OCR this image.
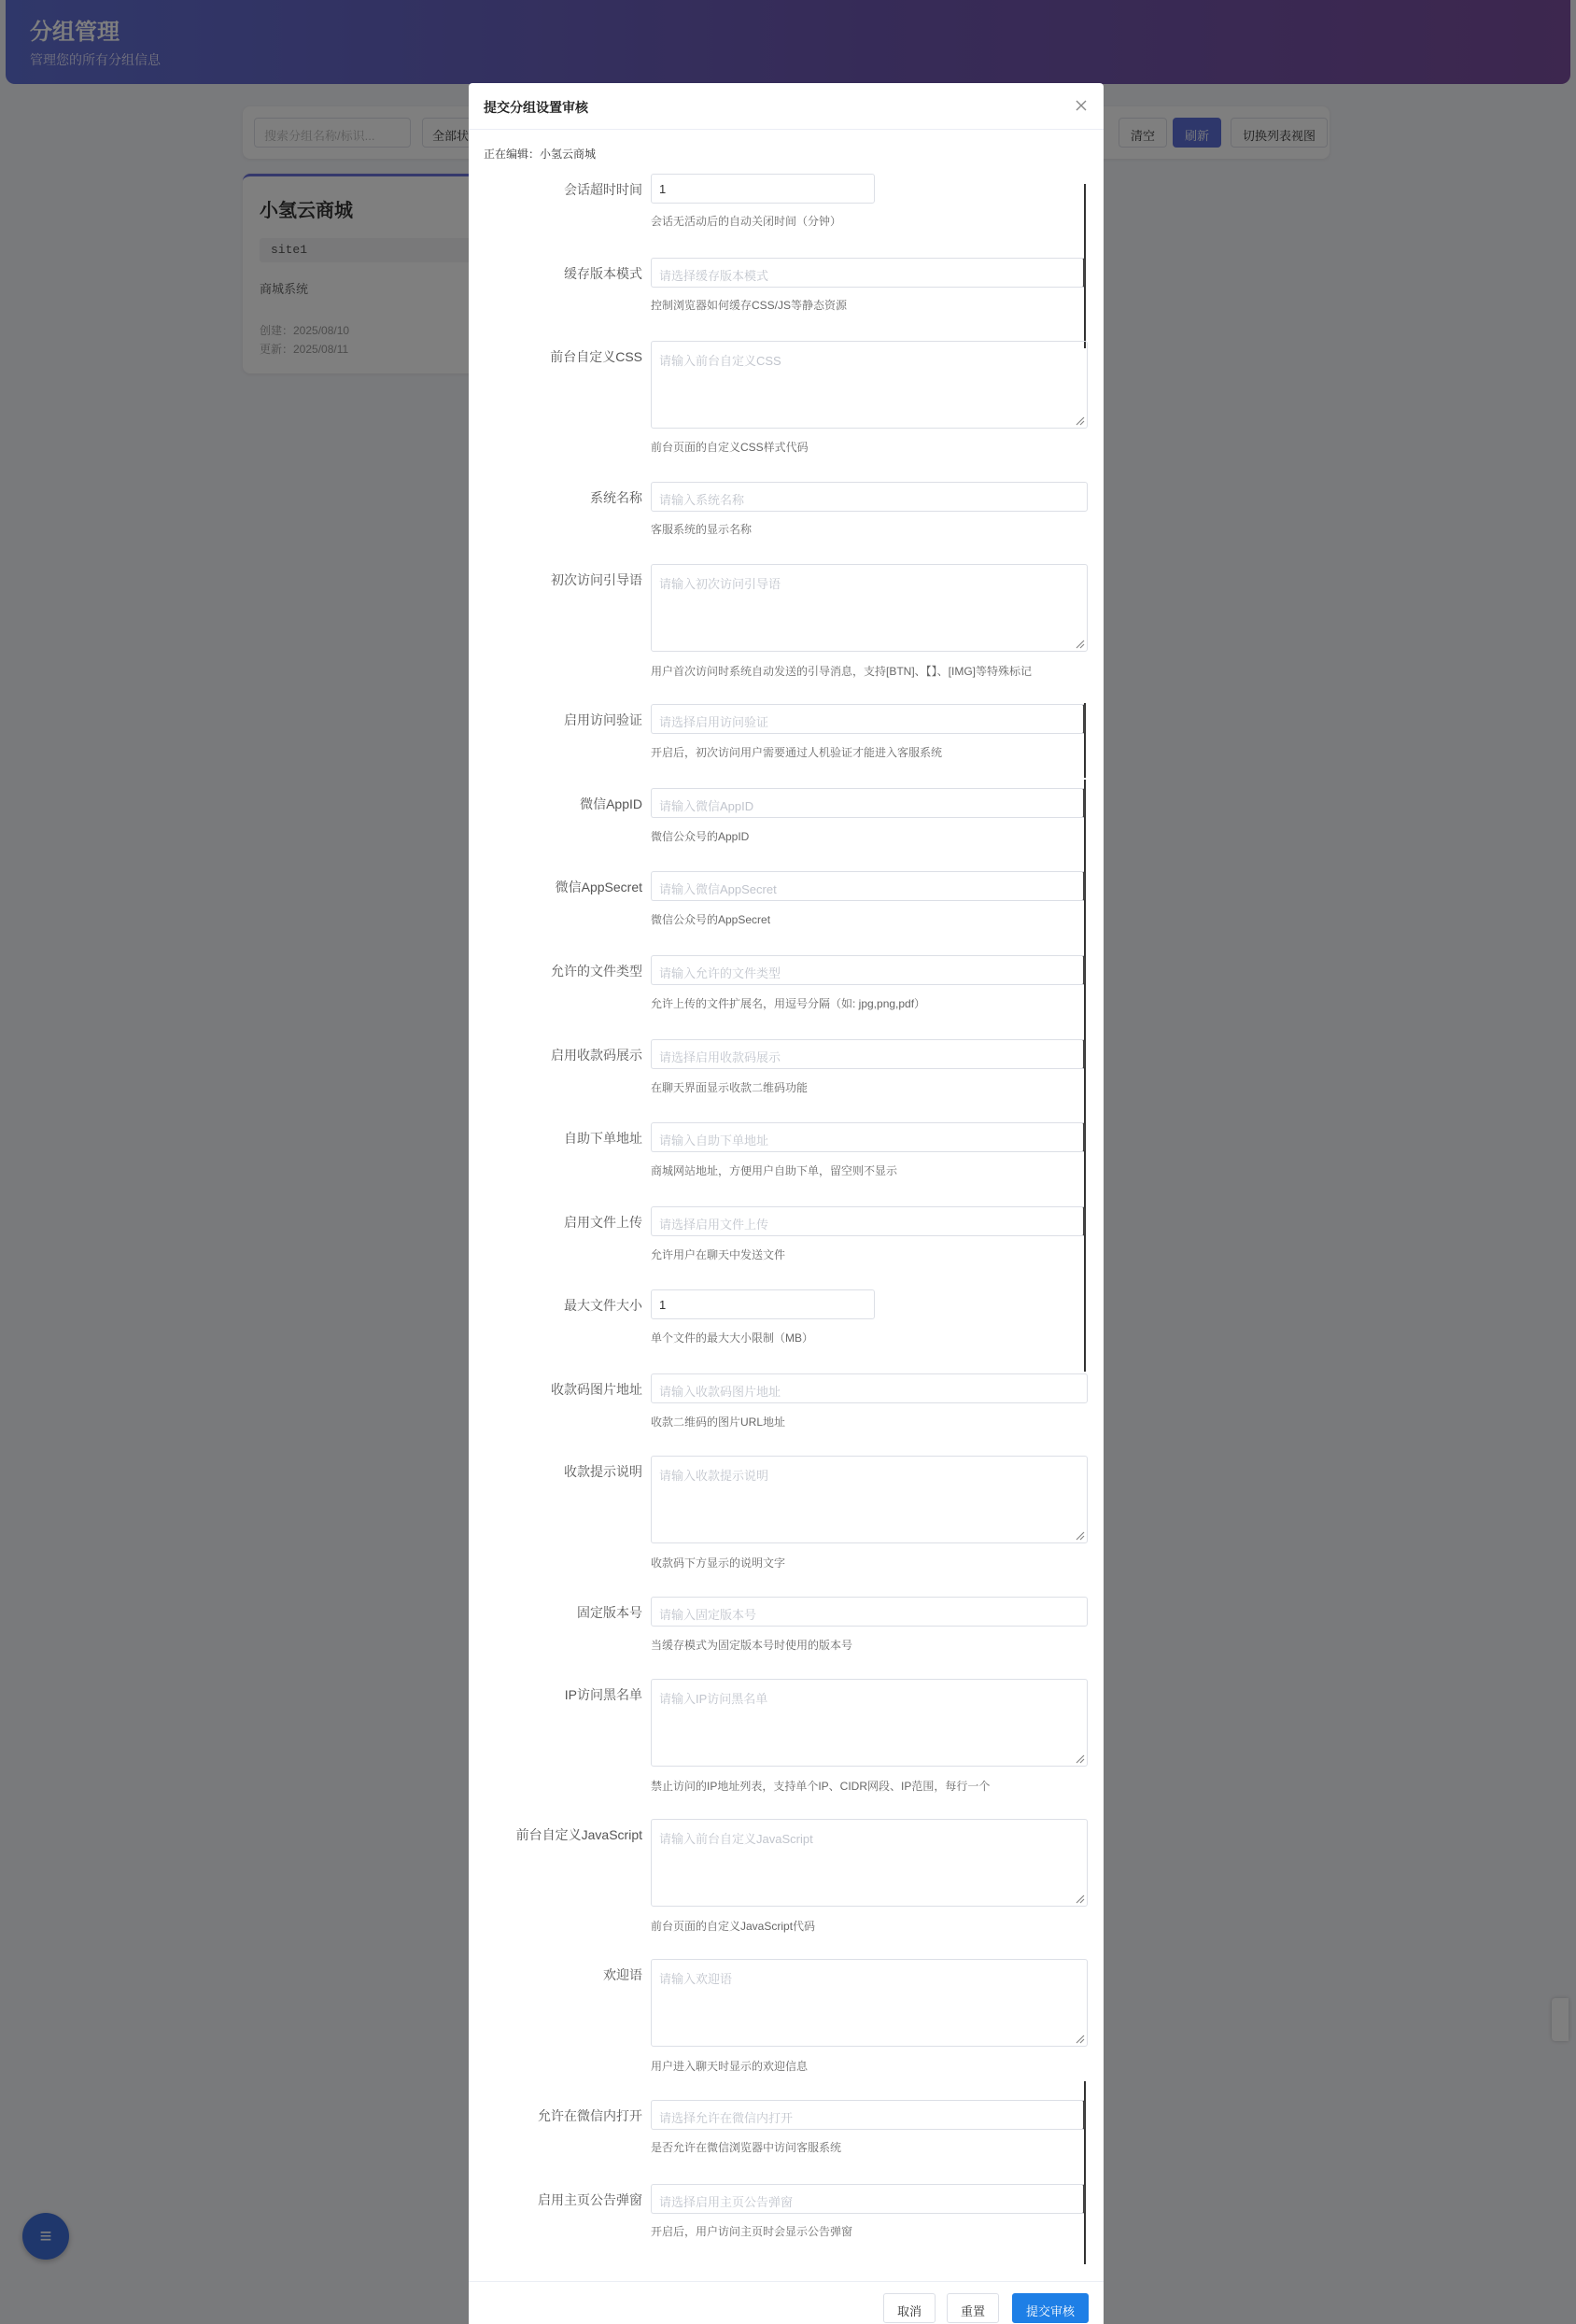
提交分组设置审核
正在编辑：小氢云商城
会话超时时间	1
会话无活动后的自动关闭时间（分钟）
缓存版本模式	请选择缓存版本模式
控制浏览器如何缓存CSS/JS等静态资源
前台自定义CSS	请输入前台自定义CSS
前台页面的自定义CSS样式代码
系统名称	请输入系统名称
客服系统的显示名称
初次访问引导语	请输入初次访问引导语
用户首次访问时系统自动发送的引导消息，支持[BTN]、【】、[IMG]等特殊标记
启用访问验证	请选择启用访问验证
开启后，初次访问用户需要通过人机验证才能进入客服系统
微信AppID	请输入微信AppID
微信公众号的AppID
微信AppSecret	请输入微信AppSecret
微信公众号的AppSecret
允许的文件类型	请输入允许的文件类型
允许上传的文件扩展名，用逗号分隔（如: jpg,png,pdf）
启用收款码展示	请选择启用收款码展示
在聊天界面显示收款二维码功能
自助下单地址	请输入自助下单地址
商城网站地址，方便用户自助下单，留空则不显示
启用文件上传	请选择启用文件上传
允许用户在聊天中发送文件
最大文件大小	1
单个文件的最大大小限制（MB）
收款码图片地址	请输入收款码图片地址
收款二维码的图片URL地址
收款提示说明	请输入收款提示说明
收款码下方显示的说明文字
固定版本号	请输入固定版本号
当缓存模式为固定版本号时使用的版本号
IP访问黑名单	请输入IP访问黑名单
禁止访问的IP地址列表，支持单个IP、CIDR网段、IP范围，每行一个
前台自定义JavaScript	请输入前台自定义JavaScript
前台页面的自定义JavaScript代码
欢迎语	请输入欢迎语
用户进入聊天时显示的欢迎信息
允许在微信内打开	请选择允许在微信内打开
是否允许在微信浏览器中访问客服系统
启用主页公告弹窗	请选择启用主页公告弹窗
开启后，用户访问主页时会显示公告弹窗
取消	重置	提交审核
